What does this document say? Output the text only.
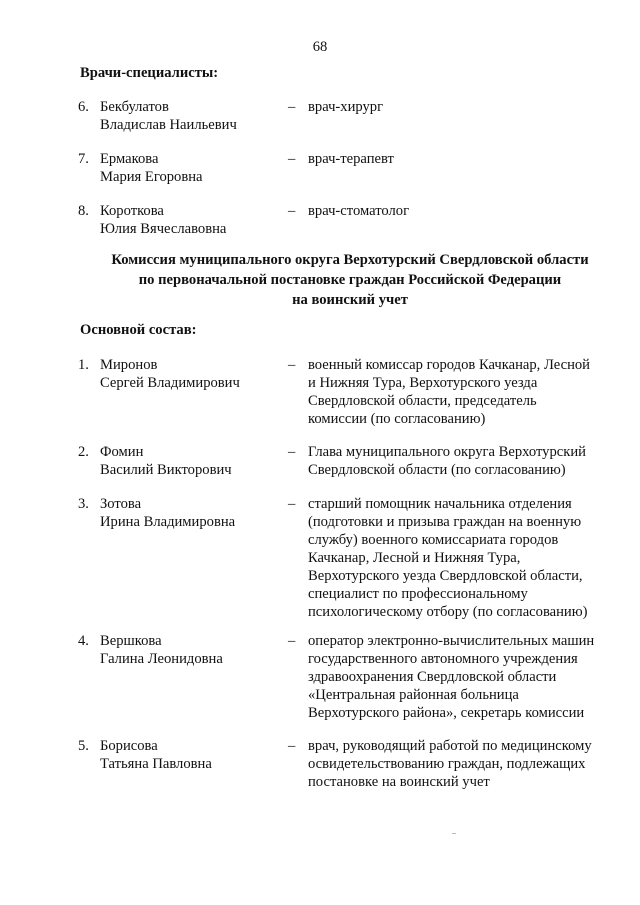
68
Врачи-специалисты:
6. Бекбулатов
Владислав Наильевич
– врач-хирург
7. Ермакова
Мария Егоровна
– врач-терапевт
8. Короткова
Юлия Вячеславовна
– врач-стоматолог
Комиссия муниципального округа Верхотурский Свердловской области
по первоначальной постановке граждан Российской Федерации
на воинский учет
Основной состав:
1. Миронов
Сергей Владимирович
– военный комиссар городов Качканар, Лесной
и Нижняя Тура, Верхотурского уезда
Свердловской области, председатель
комиссии (по согласованию)
2. Фомин
Василий Викторович
– Глава муниципального округа Верхотурский
Свердловской области (по согласованию)
3. Зотова
Ирина Владимировна
– старший помощник начальника отделения
(подготовки и призыва граждан на военную
службу) военного комиссариата городов
Качканар, Лесной и Нижняя Тура,
Верхотурского уезда Свердловской области,
специалист по профессиональному
психологическому отбору (по согласованию)
4. Вершкова
Галина Леонидовна
– оператор электронно-вычислительных машин
государственного автономного учреждения
здравоохранения Свердловской области
«Центральная районная больница
Верхотурского района», секретарь комиссии
5. Борисова
Татьяна Павловна
– врач, руководящий работой по медицинскому
освидетельствованию граждан, подлежащих
постановке на воинский учет
